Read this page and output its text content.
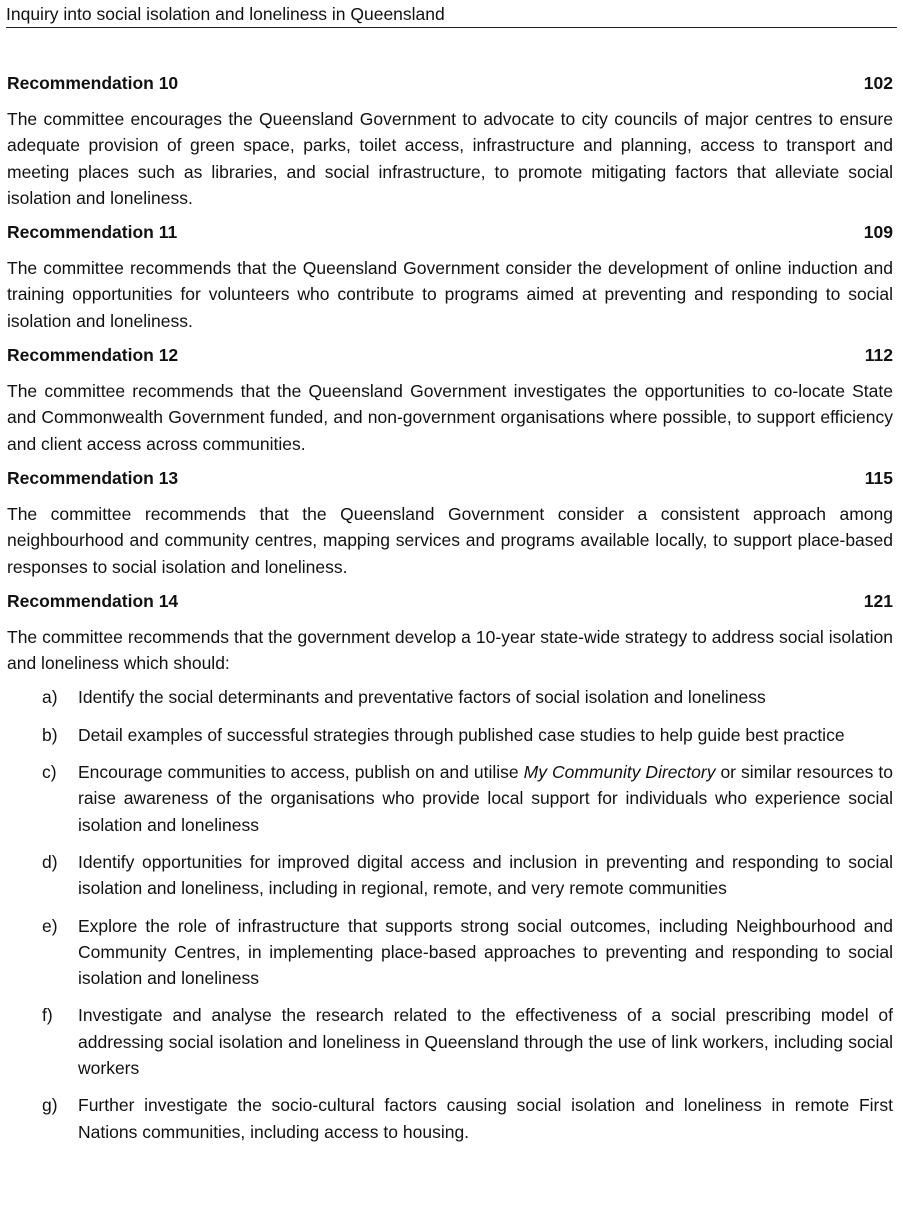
Inquiry into social isolation and loneliness in Queensland
Recommendation 10	102

The committee encourages the Queensland Government to advocate to city councils of major centres to ensure adequate provision of green space, parks, toilet access, infrastructure and planning, access to transport and meeting places such as libraries, and social infrastructure, to promote mitigating factors that alleviate social isolation and loneliness.

Recommendation 11	109

The committee recommends that the Queensland Government consider the development of online induction and training opportunities for volunteers who contribute to programs aimed at preventing and responding to social isolation and loneliness.

Recommendation 12	112

The committee recommends that the Queensland Government investigates the opportunities to co-locate State and Commonwealth Government funded, and non-government organisations where possible, to support efficiency and client access across communities.

Recommendation 13	115

The committee recommends that the Queensland Government consider a consistent approach among neighbourhood and community centres, mapping services and programs available locally, to support place-based responses to social isolation and loneliness.

Recommendation 14	121

The committee recommends that the government develop a 10-year state-wide strategy to address social isolation and loneliness which should:

a)	Identify the social determinants and preventative factors of social isolation and loneliness
b)	Detail examples of successful strategies through published case studies to help guide best practice
c)	Encourage communities to access, publish on and utilise My Community Directory or similar resources to raise awareness of the organisations who provide local support for individuals who experience social isolation and loneliness
d)	Identify opportunities for improved digital access and inclusion in preventing and responding to social isolation and loneliness, including in regional, remote, and very remote communities
e)	Explore the role of infrastructure that supports strong social outcomes, including Neighbourhood and Community Centres, in implementing place-based approaches to preventing and responding to social isolation and loneliness
f)	Investigate and analyse the research related to the effectiveness of a social prescribing model of addressing social isolation and loneliness in Queensland through the use of link workers, including social workers
g)	Further investigate the socio-cultural factors causing social isolation and loneliness in remote First Nations communities, including access to housing.
